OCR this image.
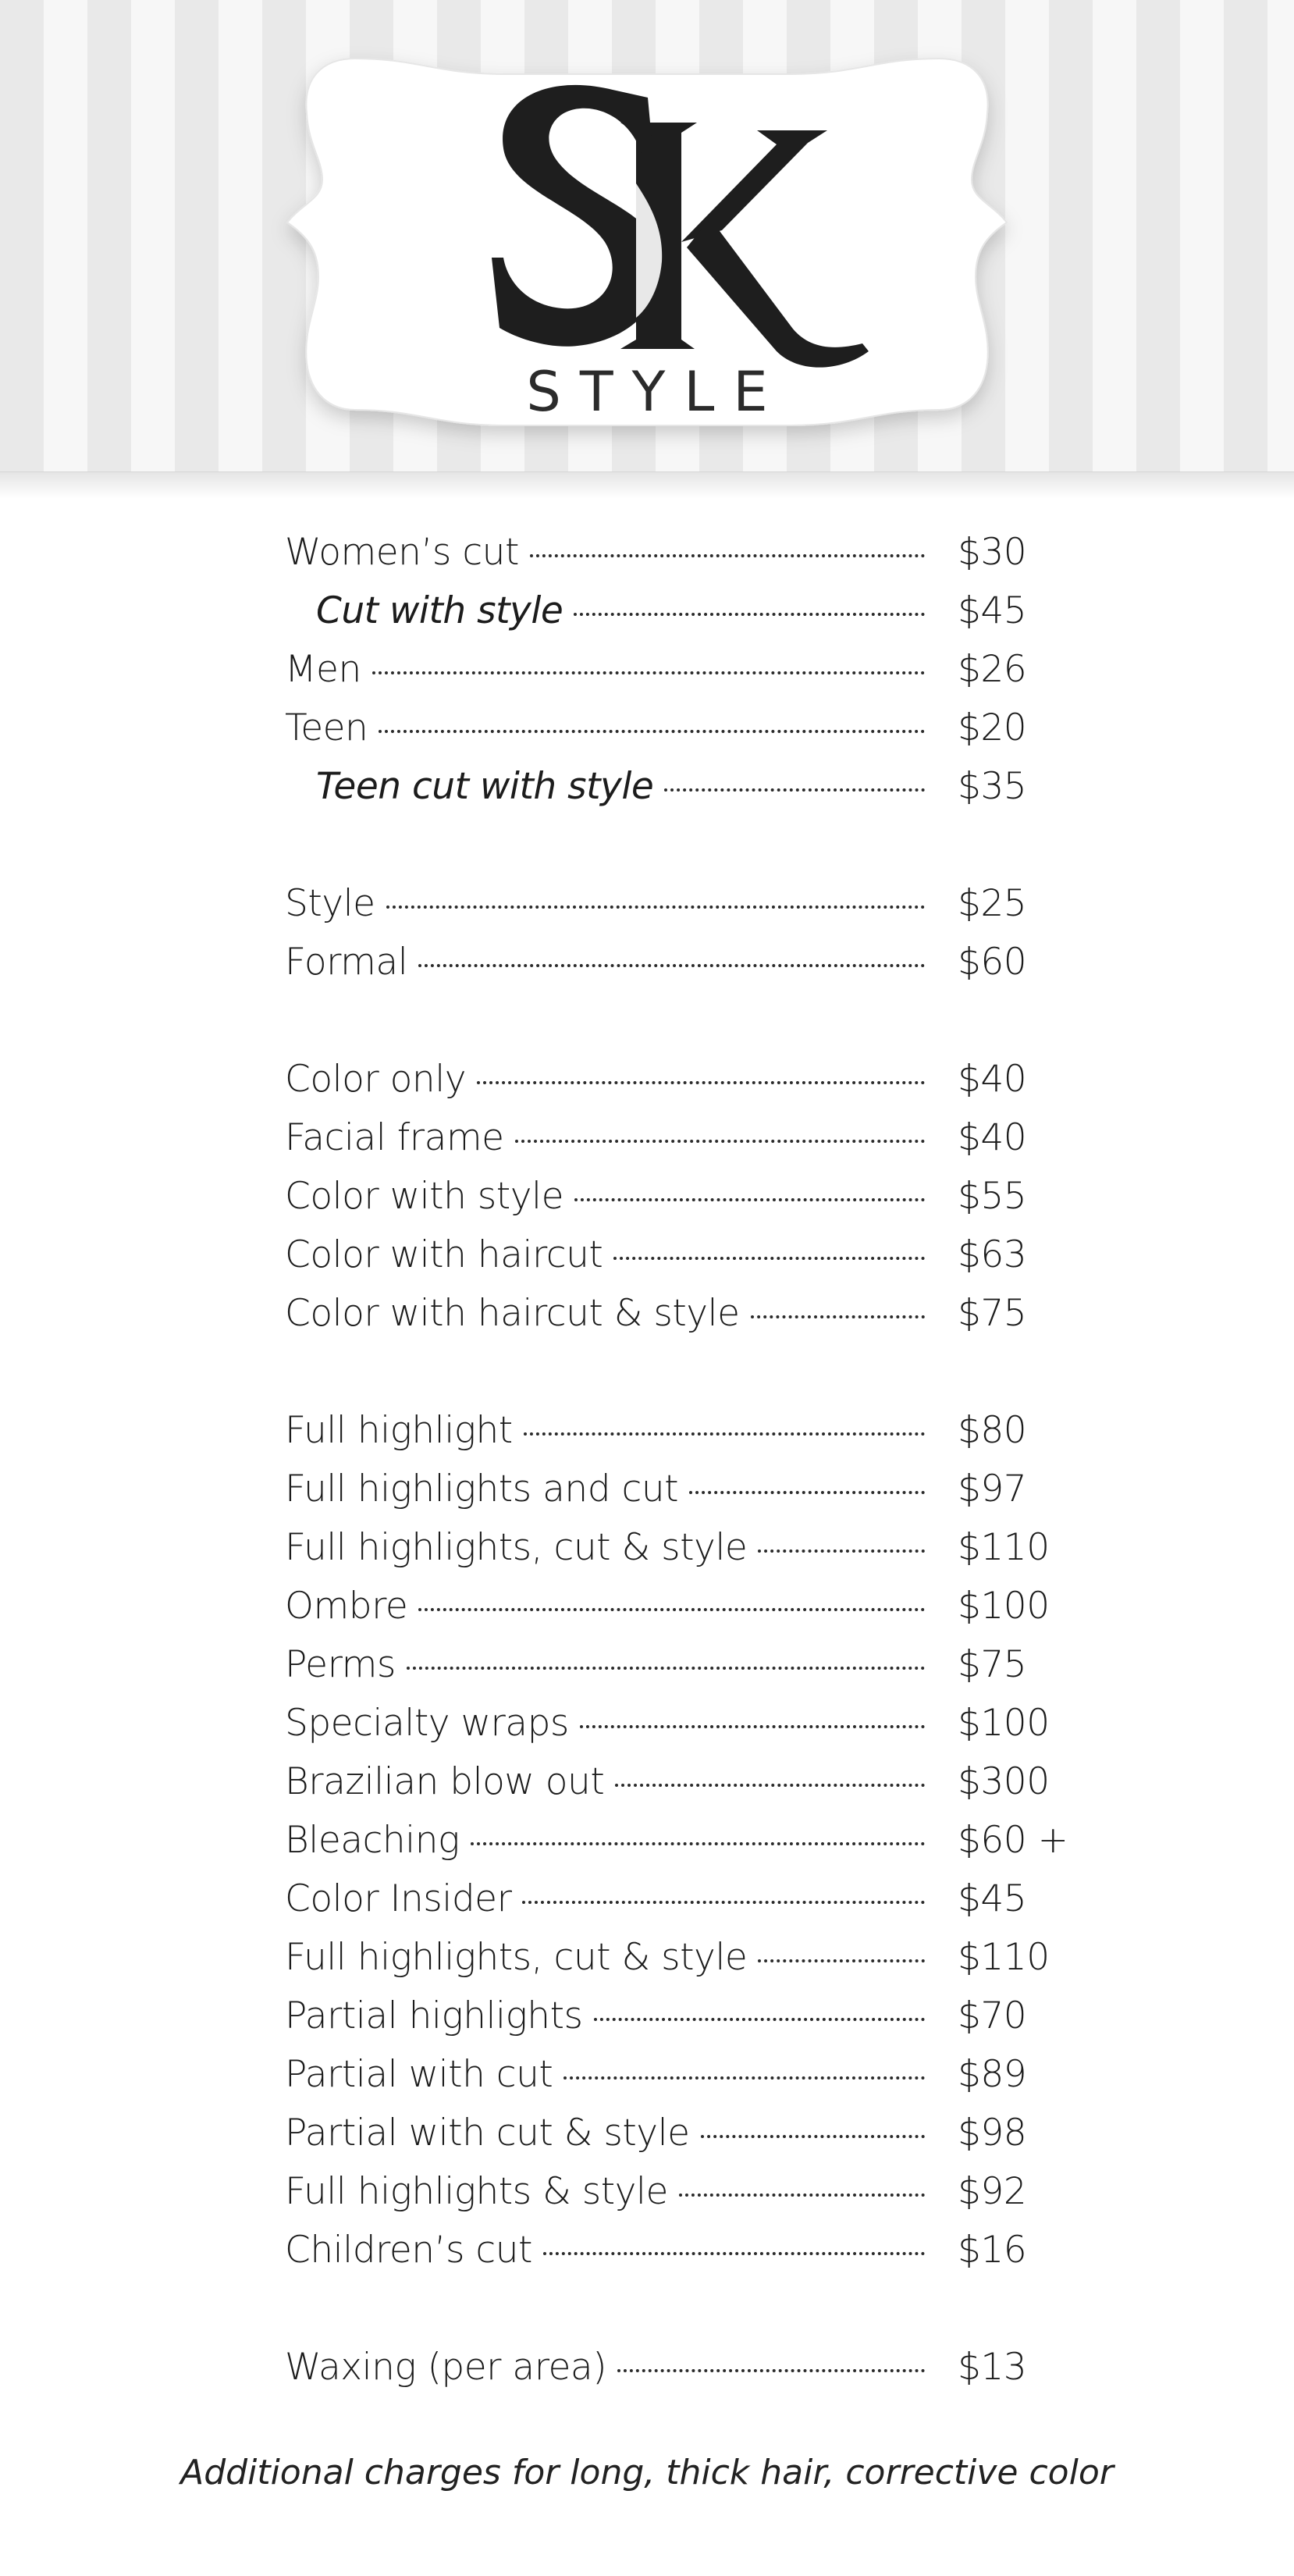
STYLE
Women’s cut	$30
Cut with style	$45
Men	$26
Teen	$20
Teen cut with style	$35
Style	$25
Formal	$60
Color only	$40
Facial frame	$40
Color with style	$55
Color with haircut	$63
Color with haircut & style	$75
Full highlight	$80
Full highlights and cut	$97
Full highlights, cut & style	$110
Ombre	$100
Perms	$75
Specialty wraps	$100
Brazilian blow out	$300
Bleaching	$60 +
Color Insider	$45
Full highlights, cut & style	$110
Partial highlights	$70
Partial with cut	$89
Partial with cut & style	$98
Full highlights & style	$92
Children’s cut	$16
Waxing (per area)	$13
Additional charges for long, thick hair, corrective color
